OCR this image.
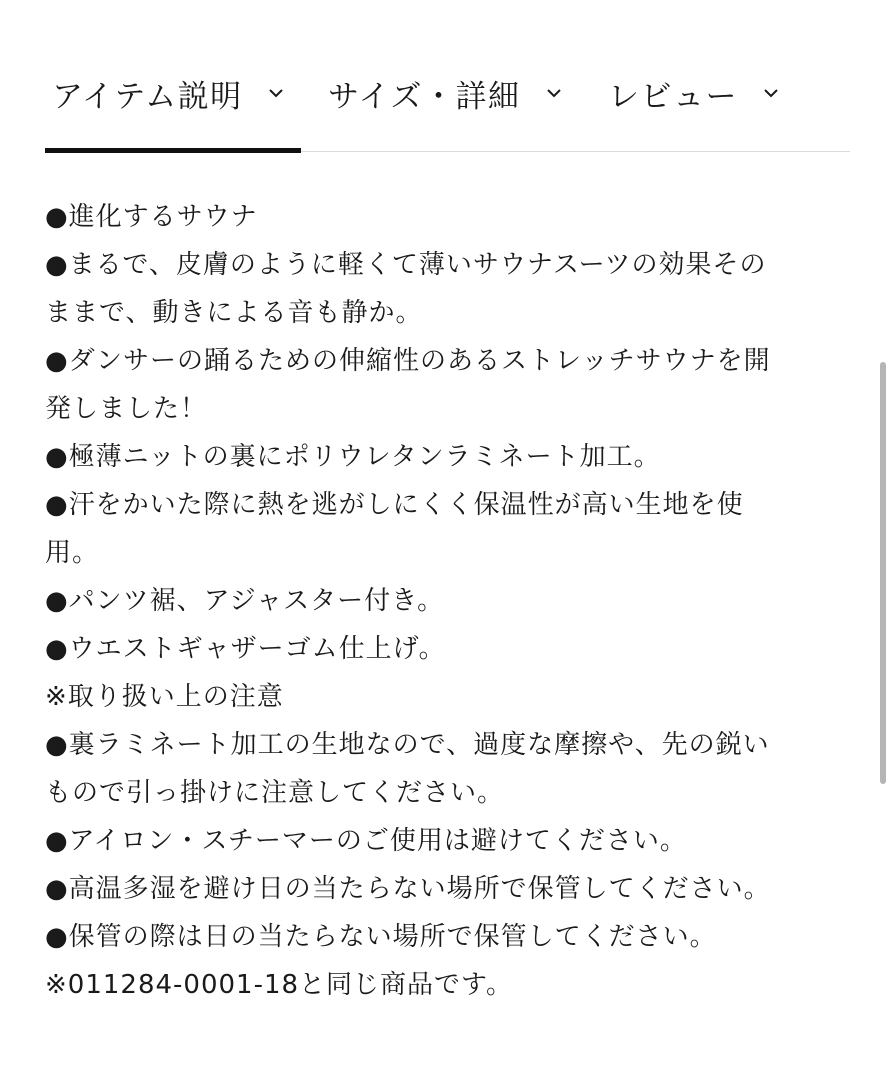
アイテム説明	サイズ・詳細	レビュー
●進化するサウナ
●まるで、皮膚のように軽くて薄いサウナスーツの効果その
ままで、動きによる音も静か。
●ダンサーの踊るための伸縮性のあるストレッチサウナを開
発しました！
●極薄ニットの裏にポリウレタンラミネート加工。
●汗をかいた際に熱を逃がしにくく保温性が高い生地を使
用。
●パンツ裾、アジャスター付き。
●ウエストギャザーゴム仕上げ。
※取り扱い上の注意
●裏ラミネート加工の生地なので、過度な摩擦や、先の鋭い
もので引っ掛けに注意してください。
●アイロン・スチーマーのご使用は避けてください。
●高温多湿を避け日の当たらない場所で保管してください。
●保管の際は日の当たらない場所で保管してください。
※011284-0001-18と同じ商品です。
